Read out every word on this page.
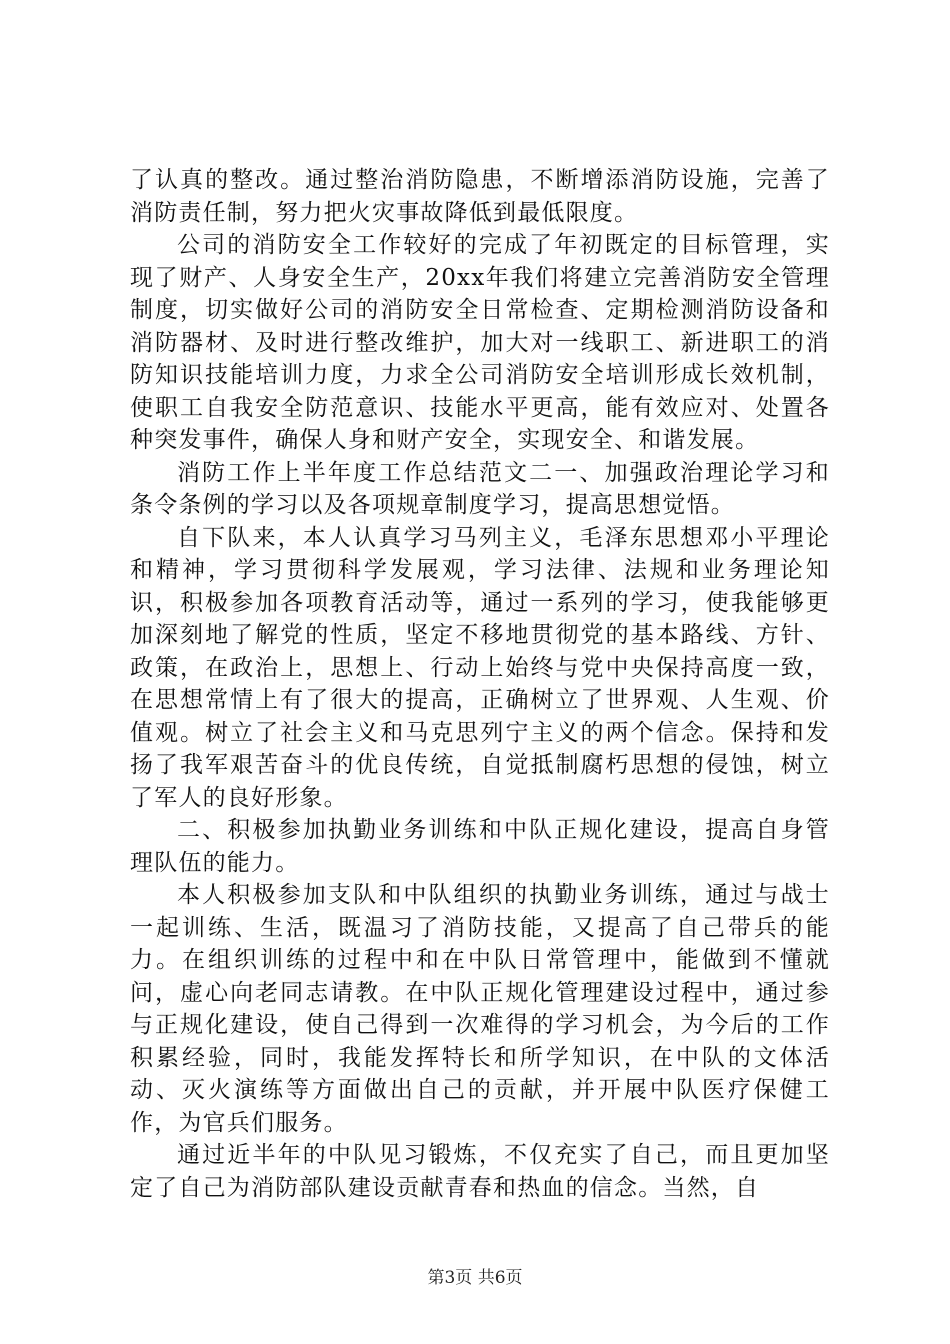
了认真的整改。通过整治消防隐患，不断增添消防设施，完善了消防责任制，努力把火灾事故降低到最低限度。

公司的消防安全工作较好的完成了年初既定的目标管理，实现了财产、人身安全生产，20xx年我们将建立完善消防安全管理制度，切实做好公司的消防安全日常检查、定期检测消防设备和消防器材、及时进行整改维护，加大对一线职工、新进职工的消防知识技能培训力度，力求全公司消防安全培训形成长效机制，使职工自我安全防范意识、技能水平更高，能有效应对、处置各种突发事件，确保人身和财产安全，实现安全、和谐发展。

消防工作上半年度工作总结范文二一、加强政治理论学习和条令条例的学习以及各项规章制度学习，提高思想觉悟。

自下队来，本人认真学习马列主义，毛泽东思想邓小平理论和精神，学习贯彻科学发展观，学习法律、法规和业务理论知识，积极参加各项教育活动等，通过一系列的学习，使我能够更加深刻地了解党的性质，坚定不移地贯彻党的基本路线、方针、政策，在政治上，思想上、行动上始终与党中央保持高度一致，在思想常情上有了很大的提高，正确树立了世界观、人生观、价值观。树立了社会主义和马克思列宁主义的两个信念。保持和发扬了我军艰苦奋斗的优良传统，自觉抵制腐朽思想的侵蚀，树立了军人的良好形象。

二、积极参加执勤业务训练和中队正规化建设，提高自身管理队伍的能力。

本人积极参加支队和中队组织的执勤业务训练，通过与战士一起训练、生活，既温习了消防技能，又提高了自己带兵的能力。在组织训练的过程中和在中队日常管理中，能做到不懂就问，虚心向老同志请教。在中队正规化管理建设过程中，通过参与正规化建设，使自己得到一次难得的学习机会，为今后的工作积累经验，同时，我能发挥特长和所学知识，在中队的文体活动、灭火演练等方面做出自己的贡献，并开展中队医疗保健工作，为官兵们服务。

通过近半年的中队见习锻炼，不仅充实了自己，而且更加坚定了自己为消防部队建设贡献青春和热血的信念。当然，自

第3页 共6页
